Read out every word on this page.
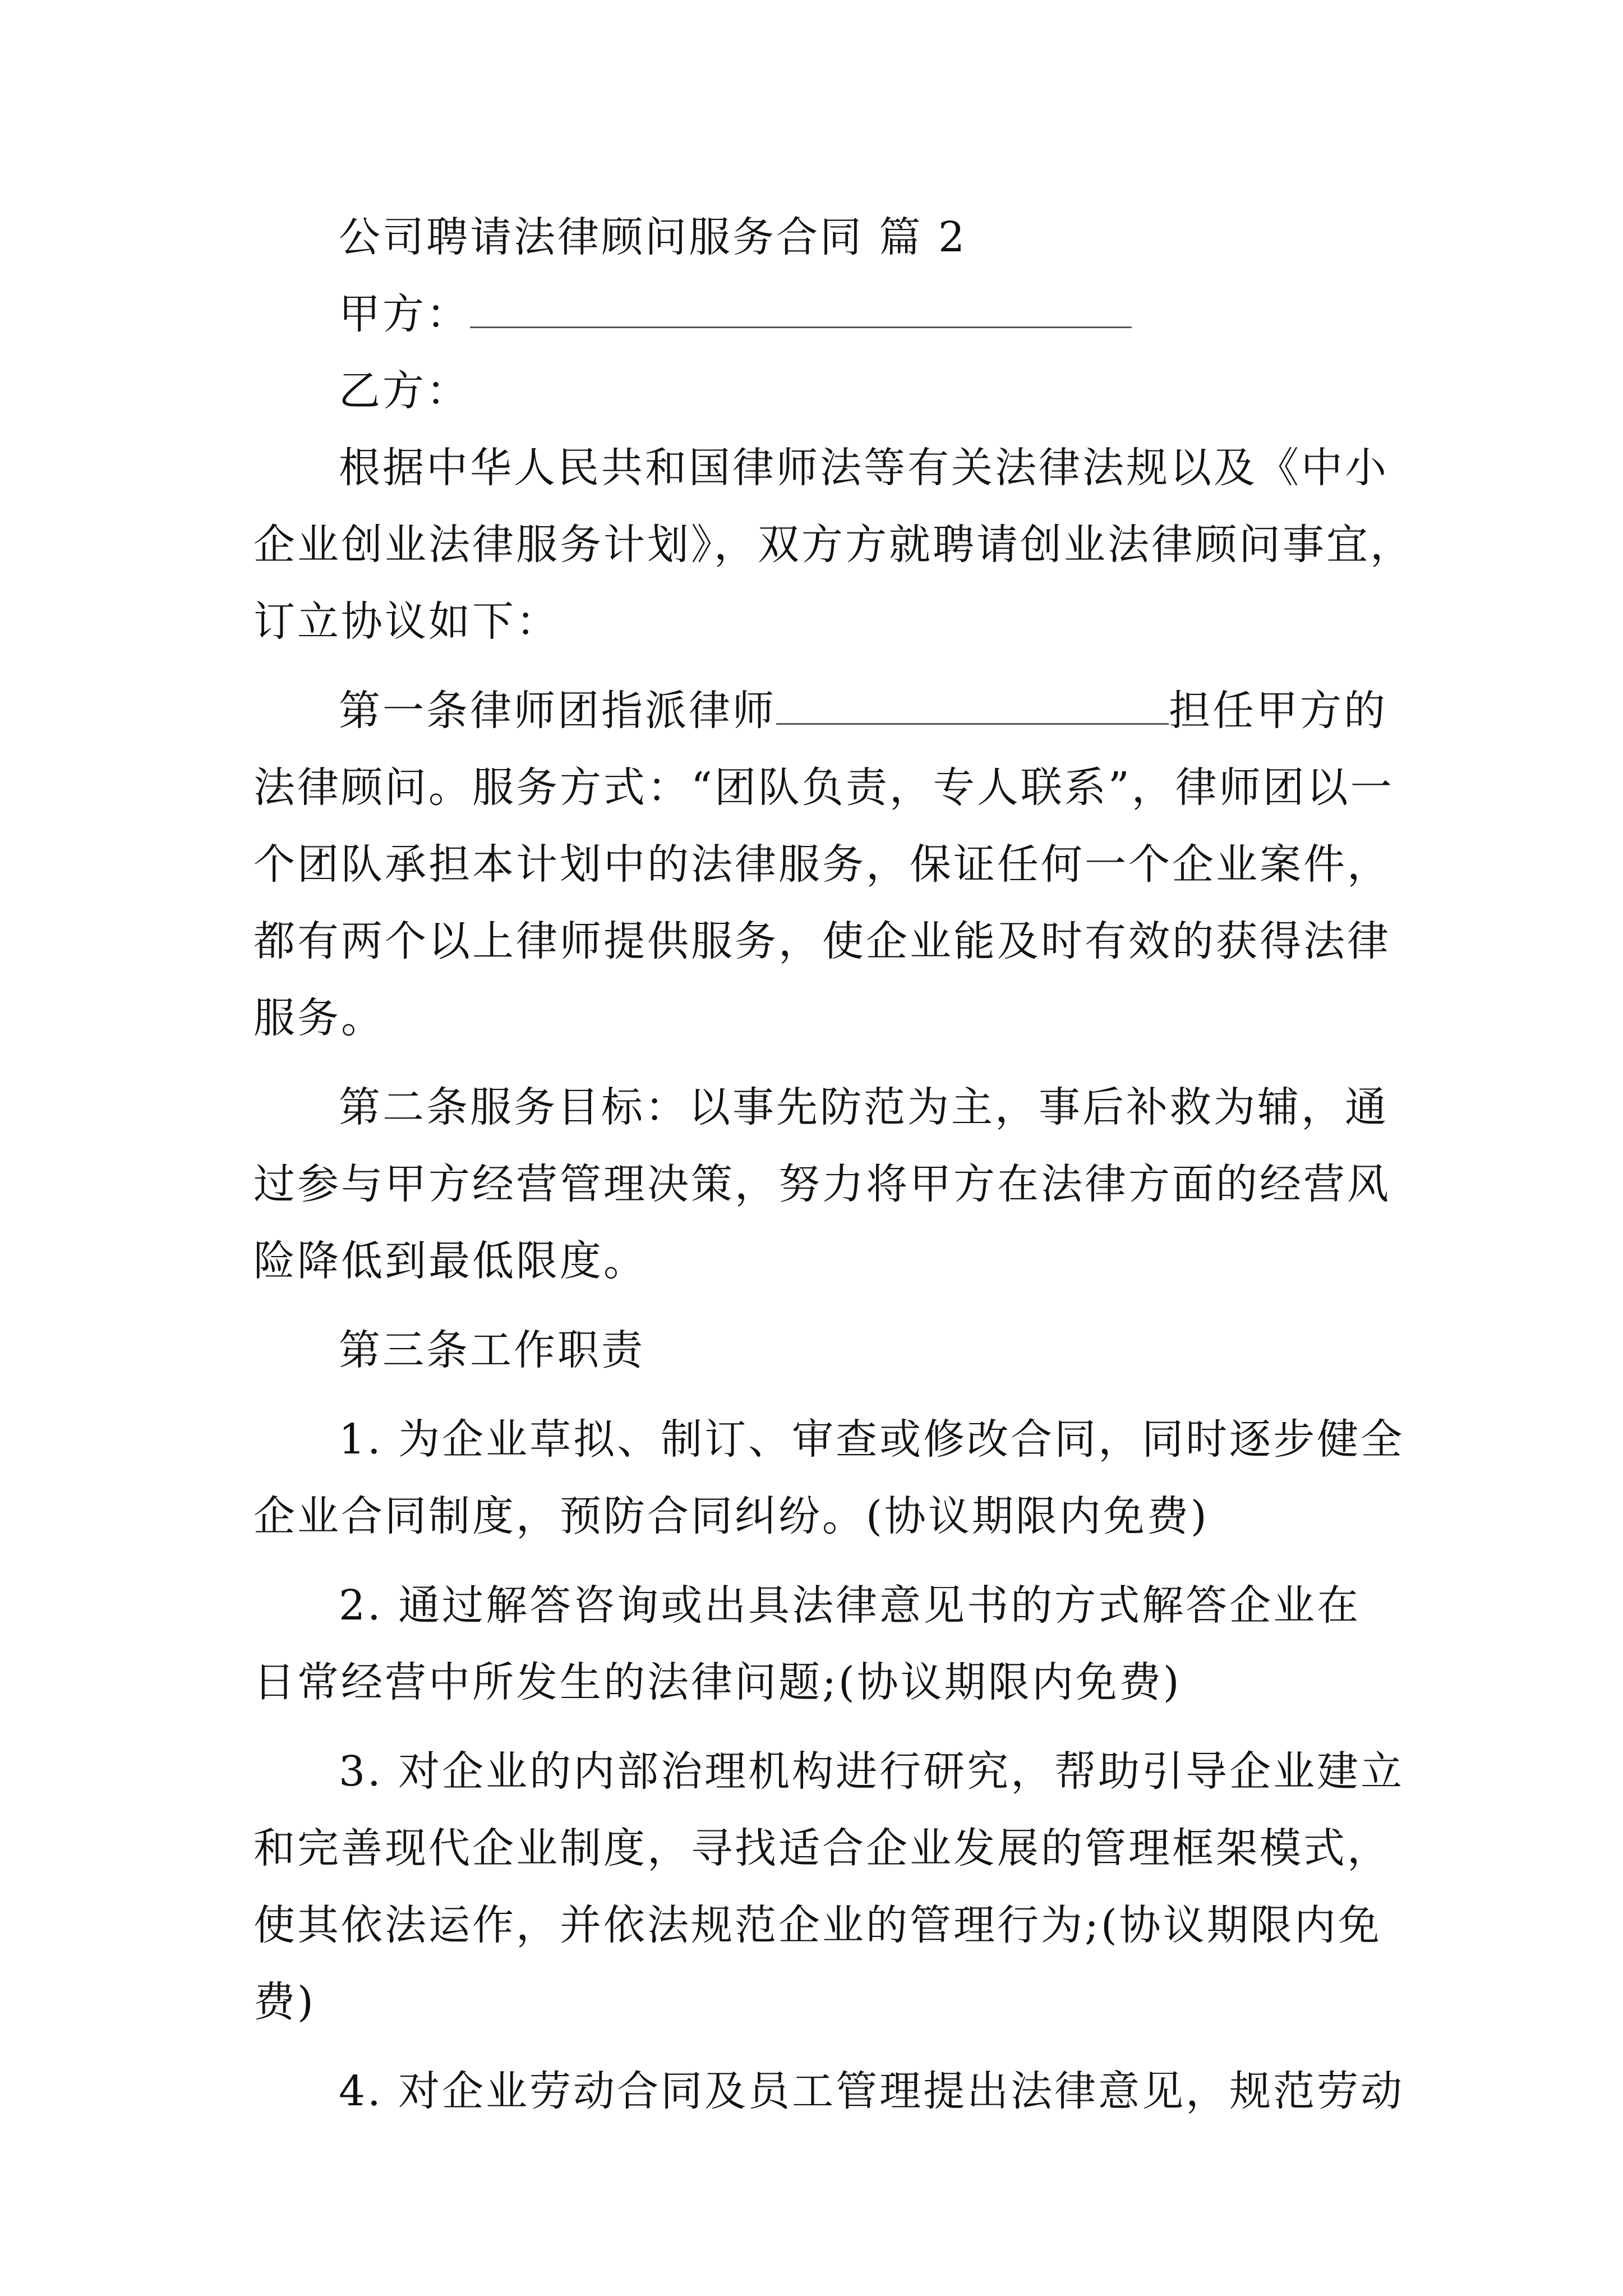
公司聘请法律顾问服务合同 篇 2
甲方：
乙方：
根据中华人民共和国律师法等有关法律法规以及《中小
企业创业法律服务计划》，双方方就聘请创业法律顾问事宜，
订立协议如下：
第一条律师团指派律师	担任甲方的
法律顾问。服务方式：“团队负责，专人联系”，律师团以一
个团队承担本计划中的法律服务，保证任何一个企业案件，
都有两个以上律师提供服务，使企业能及时有效的获得法律
服务。
第二条服务目标：以事先防范为主，事后补救为辅，通
过参与甲方经营管理决策，努力将甲方在法律方面的经营风
险降低到最低限度。
第三条工作职责
1. 为企业草拟、制订、审查或修改合同，同时逐步健全
企业合同制度，预防合同纠纷。(协议期限内免费)
2. 通过解答咨询或出具法律意见书的方式解答企业在
日常经营中所发生的法律问题;(协议期限内免费)
3. 对企业的内部治理机构进行研究，帮助引导企业建立
和完善现代企业制度，寻找适合企业发展的管理框架模式，
使其依法运作，并依法规范企业的管理行为;(协议期限内免
费)
4. 对企业劳动合同及员工管理提出法律意见，规范劳动
